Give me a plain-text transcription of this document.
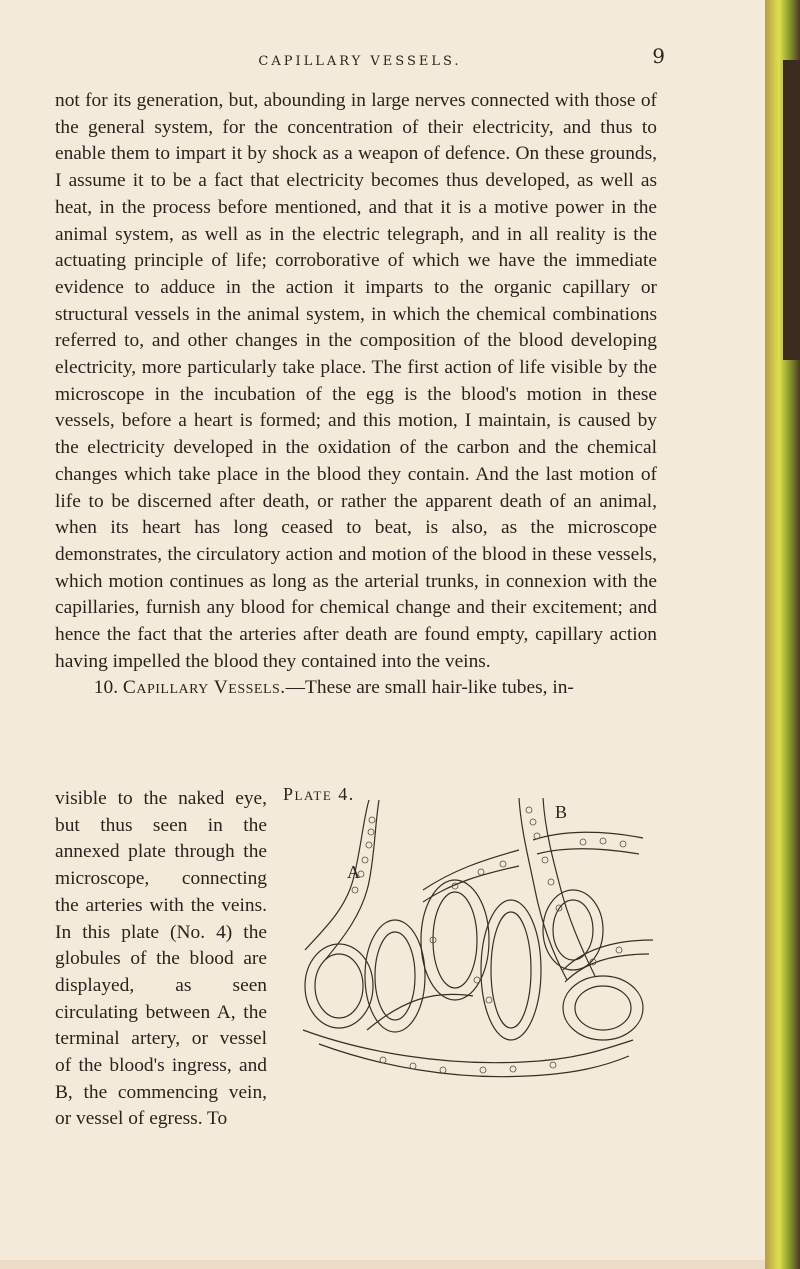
CAPILLARY VESSELS.	9

not for its generation, but, abounding in large nerves connected with those of the general system, for the concentration of their electricity, and thus to enable them to impart it by shock as a weapon of defence. On these grounds, I assume it to be a fact that electricity becomes thus developed, as well as heat, in the process before mentioned, and that it is a motive power in the animal system, as well as in the electric telegraph, and in all reality is the actuating principle of life; corroborative of which we have the immediate evidence to adduce in the action it imparts to the organic capillary or structural vessels in the animal system, in which the chemical combinations referred to, and other changes in the composition of the blood developing electricity, more particularly take place. The first action of life visible by the microscope in the incubation of the egg is the blood's motion in these vessels, before a heart is formed; and this motion, I maintain, is caused by the electricity developed in the oxidation of the carbon and the chemical changes which take place in the blood they contain. And the last motion of life to be discerned after death, or rather the apparent death of an animal, when its heart has long ceased to beat, is also, as the microscope demonstrates, the circulatory action and motion of the blood in these vessels, which motion continues as long as the arterial trunks, in connexion with the capillaries, furnish any blood for chemical change and their excitement; and hence the fact that the arteries after death are found empty, capillary action having impelled the blood they contained into the veins.

10. Capillary Vessels.—These are small hair-like tubes, in-

visible to the naked eye, but thus seen in the annexed plate through the microscope, connecting the arteries with the veins. In this plate (No. 4) the globules of the blood are displayed, as seen circulating between A, the terminal artery, or vessel of the blood's ingress, and B, the commencing vein, or vessel of egress. To
Plate 4.
A
B
